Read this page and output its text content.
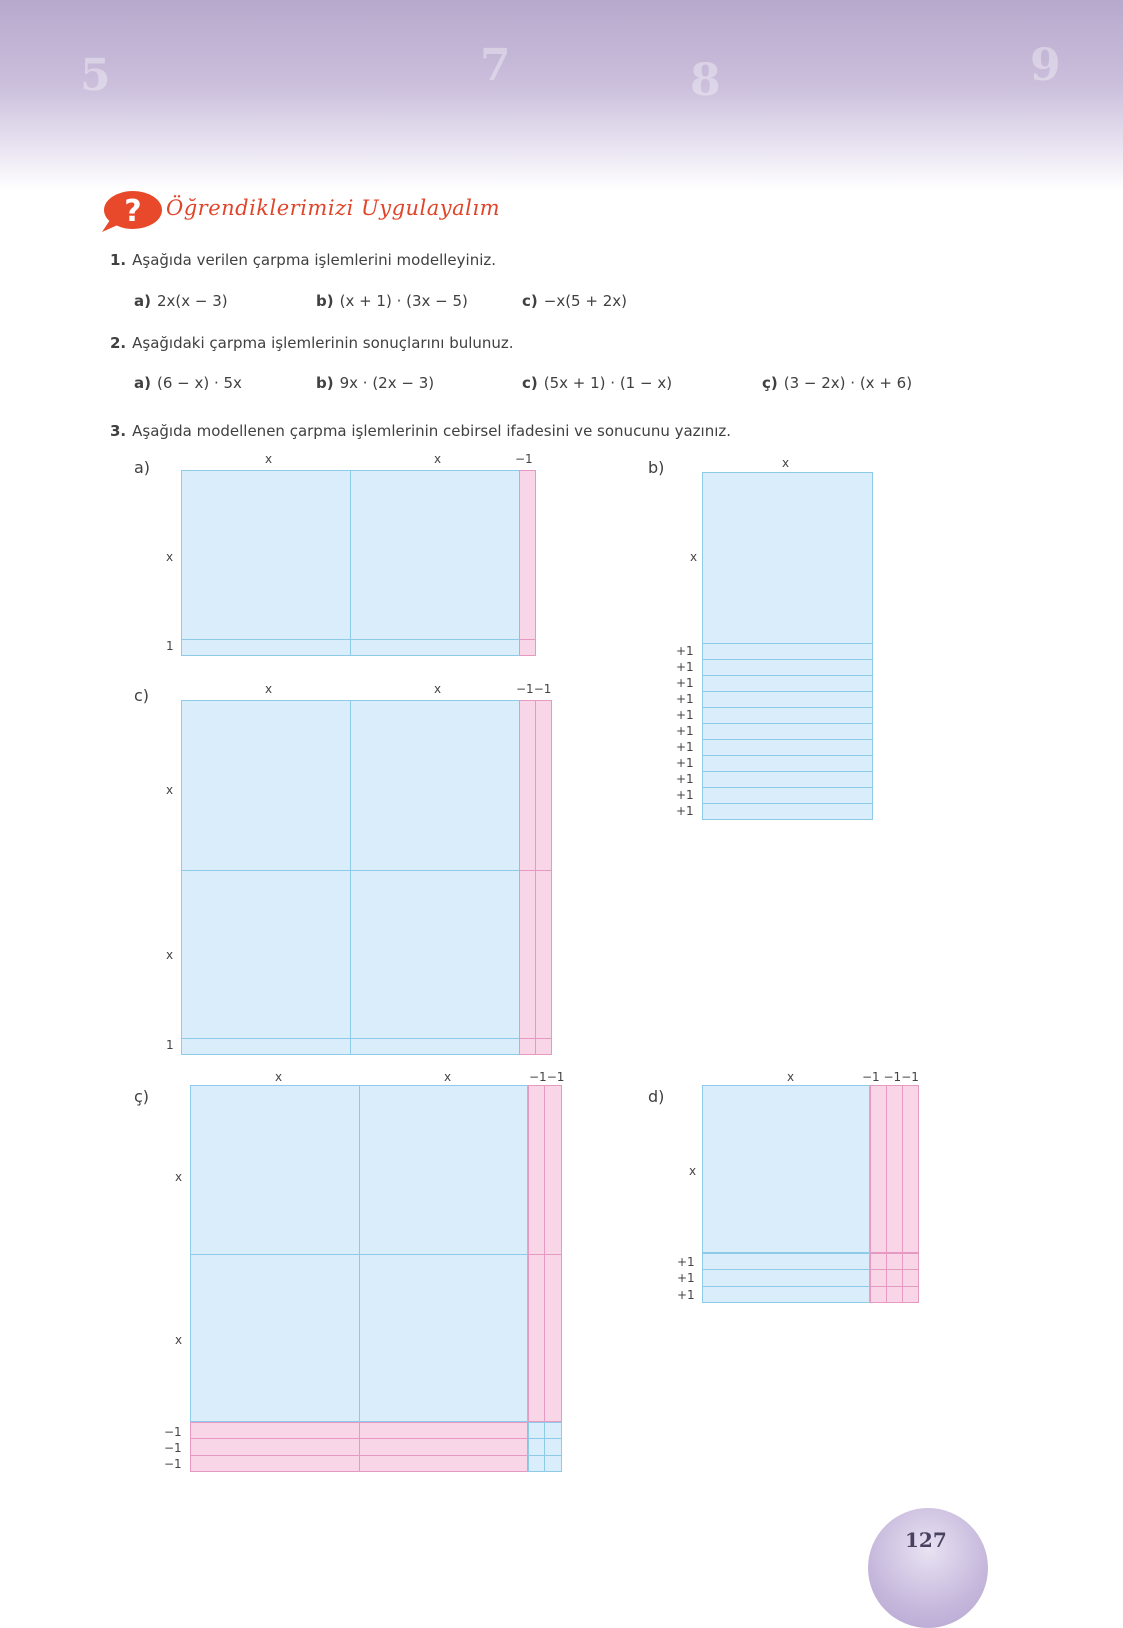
5	7	8	9
? Öğrendiklerimizi Uygulayalım
1. Aşağıda verilen çarpma işlemlerini modelleyiniz.
a) 2x(x − 3)	b) (x + 1) · (3x − 5)	c) −x(5 + 2x)
2. Aşağıdaki çarpma işlemlerinin sonuçlarını bulunuz.
a) (6 − x) · 5x	b) 9x · (2x − 3)	c) (5x + 1) · (1 − x)	ç) (3 − 2x) · (x + 6)
3. Aşağıda modellenen çarpma işlemlerinin cebirsel ifadesini ve sonucunu yazınız.
a)	x	x	−1
x
1
b)	x
x
+1
+1
+1
+1
+1
+1
+1
+1
+1
+1
+1
c)	x	x	−1−1
x
x
1
ç)
x	x	−1−1
x
x
−1
−1
−1
d)
x	−1 −1−1
x
+1
+1
+1
127
